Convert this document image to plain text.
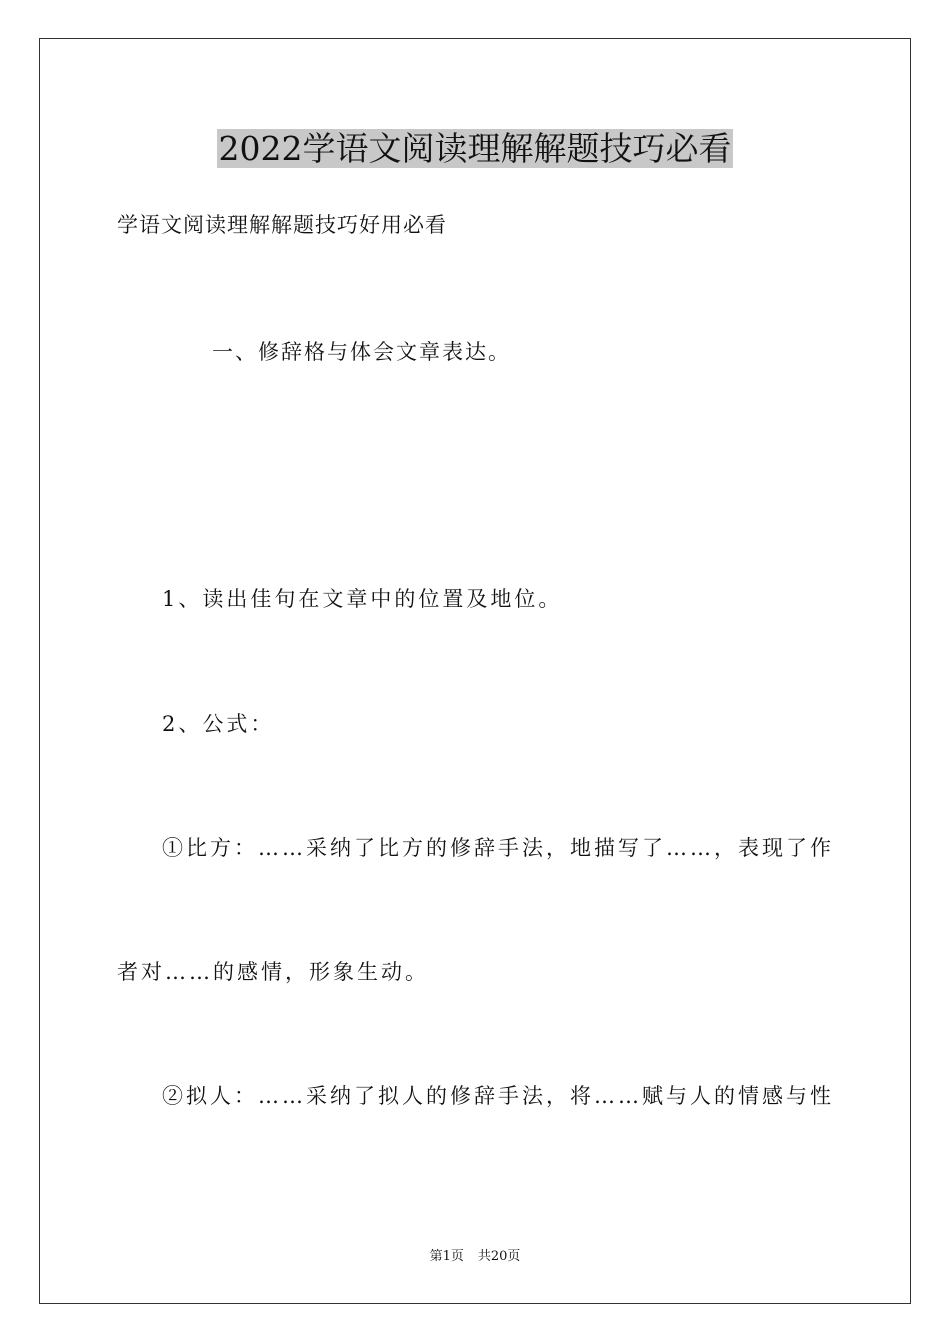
2022学语文阅读理解解题技巧必看
学语文阅读理解解题技巧好用必看
一、修辞格与体会文章表达。
1、读出佳句在文章中的位置及地位。
2、公式：
①比方：……采纳了比方的修辞手法，地描写了……，表现了作
者对……的感情，形象生动。
②拟人：……采纳了拟人的修辞手法，将……赋与人的情感与性
第1页 共20页
